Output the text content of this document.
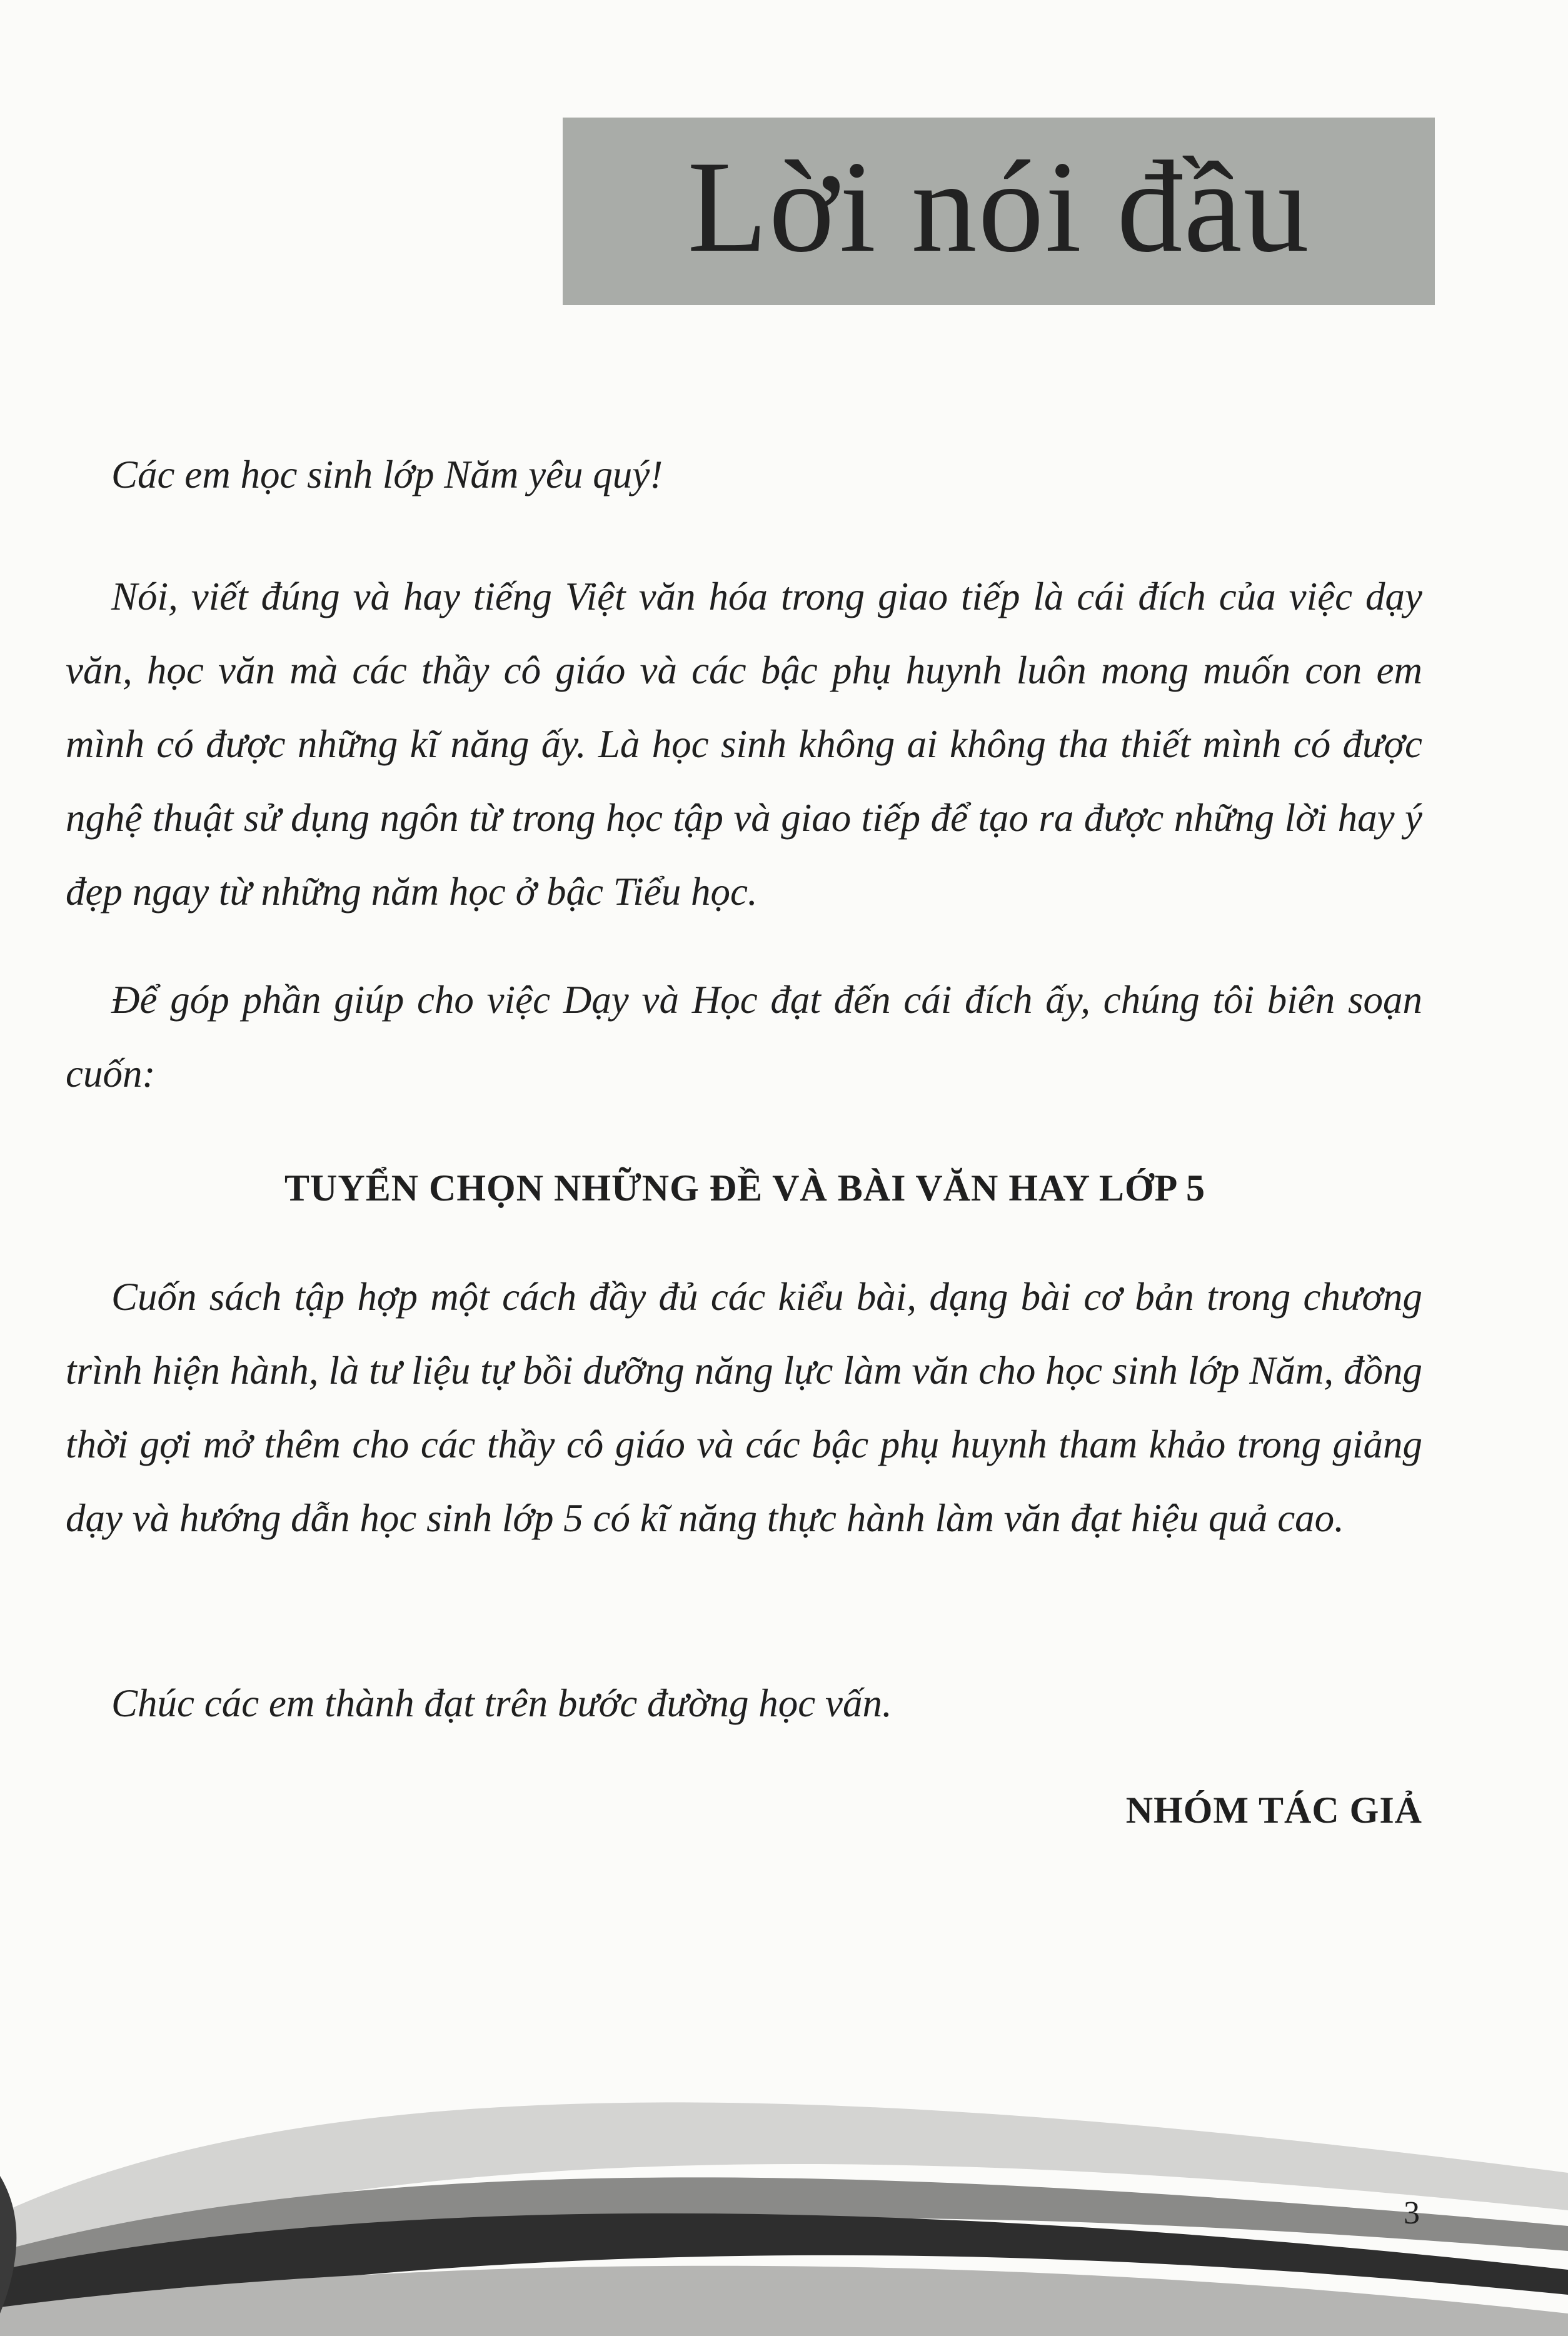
Lời nói đầu

Các em học sinh lớp Năm yêu quý!

Nói, viết đúng và hay tiếng Việt văn hóa trong giao tiếp là cái đích của việc dạy văn, học văn mà các thầy cô giáo và các bậc phụ huynh luôn mong muốn con em mình có được những kĩ năng ấy. Là học sinh không ai không tha thiết mình có được nghệ thuật sử dụng ngôn từ trong học tập và giao tiếp để tạo ra được những lời hay ý đẹp ngay từ những năm học ở bậc Tiểu học.

Để góp phần giúp cho việc Dạy và Học đạt đến cái đích ấy, chúng tôi biên soạn cuốn:

TUYỂN CHỌN NHỮNG ĐỀ VÀ BÀI VĂN HAY LỚP 5

Cuốn sách tập hợp một cách đầy đủ các kiểu bài, dạng bài cơ bản trong chương trình hiện hành, là tư liệu tự bồi dưỡng năng lực làm văn cho học sinh lớp Năm, đồng thời gợi mở thêm cho các thầy cô giáo và các bậc phụ huynh tham khảo trong giảng dạy và hướng dẫn học sinh lớp 5 có kĩ năng thực hành làm văn đạt hiệu quả cao.

Chúc các em thành đạt trên bước đường học vấn.

NHÓM TÁC GIẢ
3
